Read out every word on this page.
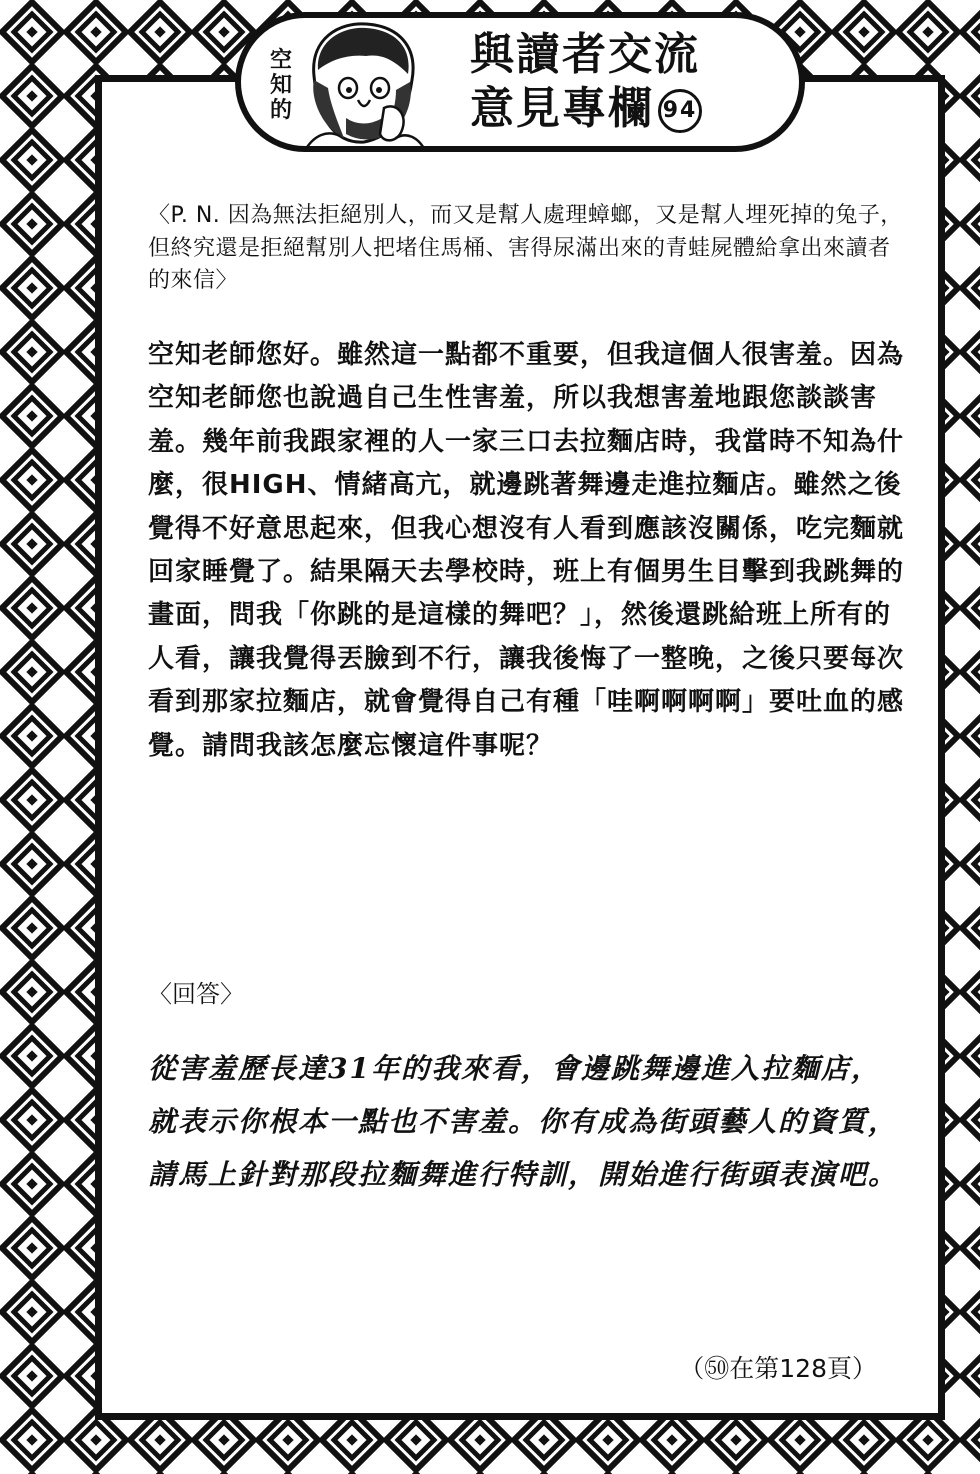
空
知
的
與讀者交流
意見專欄 94
〈P. N. 因為無法拒絕別人，而又是幫人處理蟑螂，又是幫人埋死掉的兔子，但終究還是拒絕幫別人把堵住馬桶、害得尿滿出來的青蛙屍體給拿出來讀者的來信〉
空知老師您好。雖然這一點都不重要，但我這個人很害羞。因為空知老師您也說過自己生性害羞，所以我想害羞地跟您談談害羞。幾年前我跟家裡的人一家三口去拉麵店時，我當時不知為什麼，很HIGH、情緒高亢，就邊跳著舞邊走進拉麵店。雖然之後覺得不好意思起來，但我心想沒有人看到應該沒關係，吃完麵就回家睡覺了。結果隔天去學校時，班上有個男生目擊到我跳舞的畫面，問我「你跳的是這樣的舞吧？」，然後還跳給班上所有的人看，讓我覺得丟臉到不行，讓我後悔了一整晚，之後只要每次看到那家拉麵店，就會覺得自己有種「哇啊啊啊啊」要吐血的感覺。請問我該怎麼忘懷這件事呢？
〈回答〉
從害羞歷長達31年的我來看，會邊跳舞邊進入拉麵店，就表示你根本一點也不害羞。你有成為街頭藝人的資質，請馬上針對那段拉麵舞進行特訓，開始進行街頭表演吧。
（㊿在第128頁）
